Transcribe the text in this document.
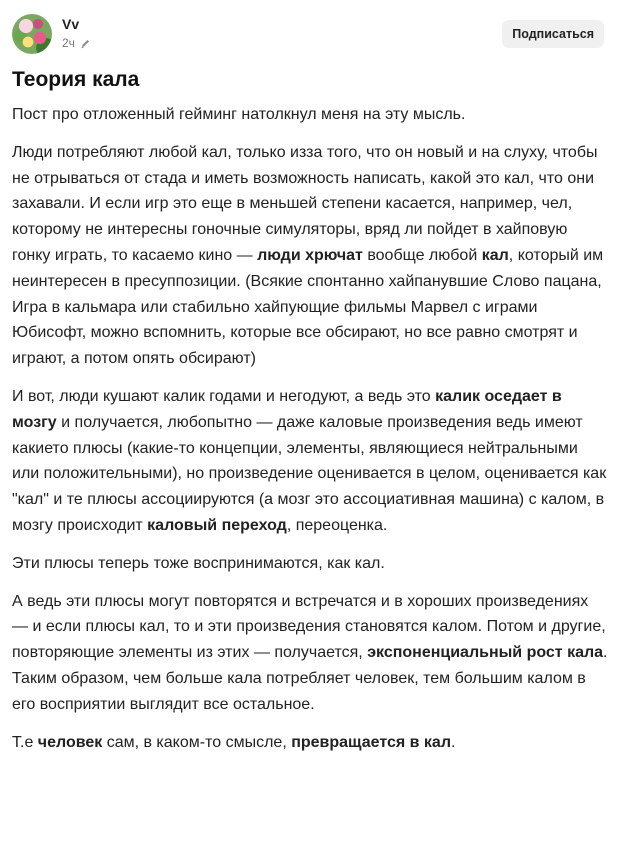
Vv
2ч
Подписаться
Теория кала

Пост про отложенный гейминг натолкнул меня на эту мысль.

Люди потребляют любой кал, только изза того, что он новый и на слуху, чтобы не отрываться от стада и иметь возможность написать, какой это кал, что они захавали. И если игр это еще в меньшей степени касается, например, чел, которому не интересны гоночные симуляторы, вряд ли пойдет в хайповую гонку играть, то касаемо кино — люди хрючат вообще любой кал, который им неинтересен в пресуппозиции. (Всякие спонтанно хайпанувшие Слово пацана, Игра в кальмара или стабильно хайпующие фильмы Марвел с играми Юбисофт, можно вспомнить, которые все обсирают, но все равно смотрят и играют, а потом опять обсирают)

И вот, люди кушают калик годами и негодуют, а ведь это калик оседает в мозгу и получается, любопытно — даже каловые произведения ведь имеют какието плюсы (какие-то концепции, элементы, являющиеся нейтральными или положительными), но произведение оценивается в целом, оценивается как "кал" и те плюсы ассоциируются (а мозг это ассоциативная машина) с калом, в мозгу происходит каловый переход, переоценка.

Эти плюсы теперь тоже воспринимаются, как кал.

А ведь эти плюсы могут повторятся и встречатся и в хороших произведениях — и если плюсы кал, то и эти произведения становятся калом. Потом и другие, повторяющие элементы из этих — получается, экспоненциальный рост кала.
Таким образом, чем больше кала потребляет человек, тем большим калом в его восприятии выглядит все остальное.

Т.е человек сам, в каком-то смысле, превращается в кал.
